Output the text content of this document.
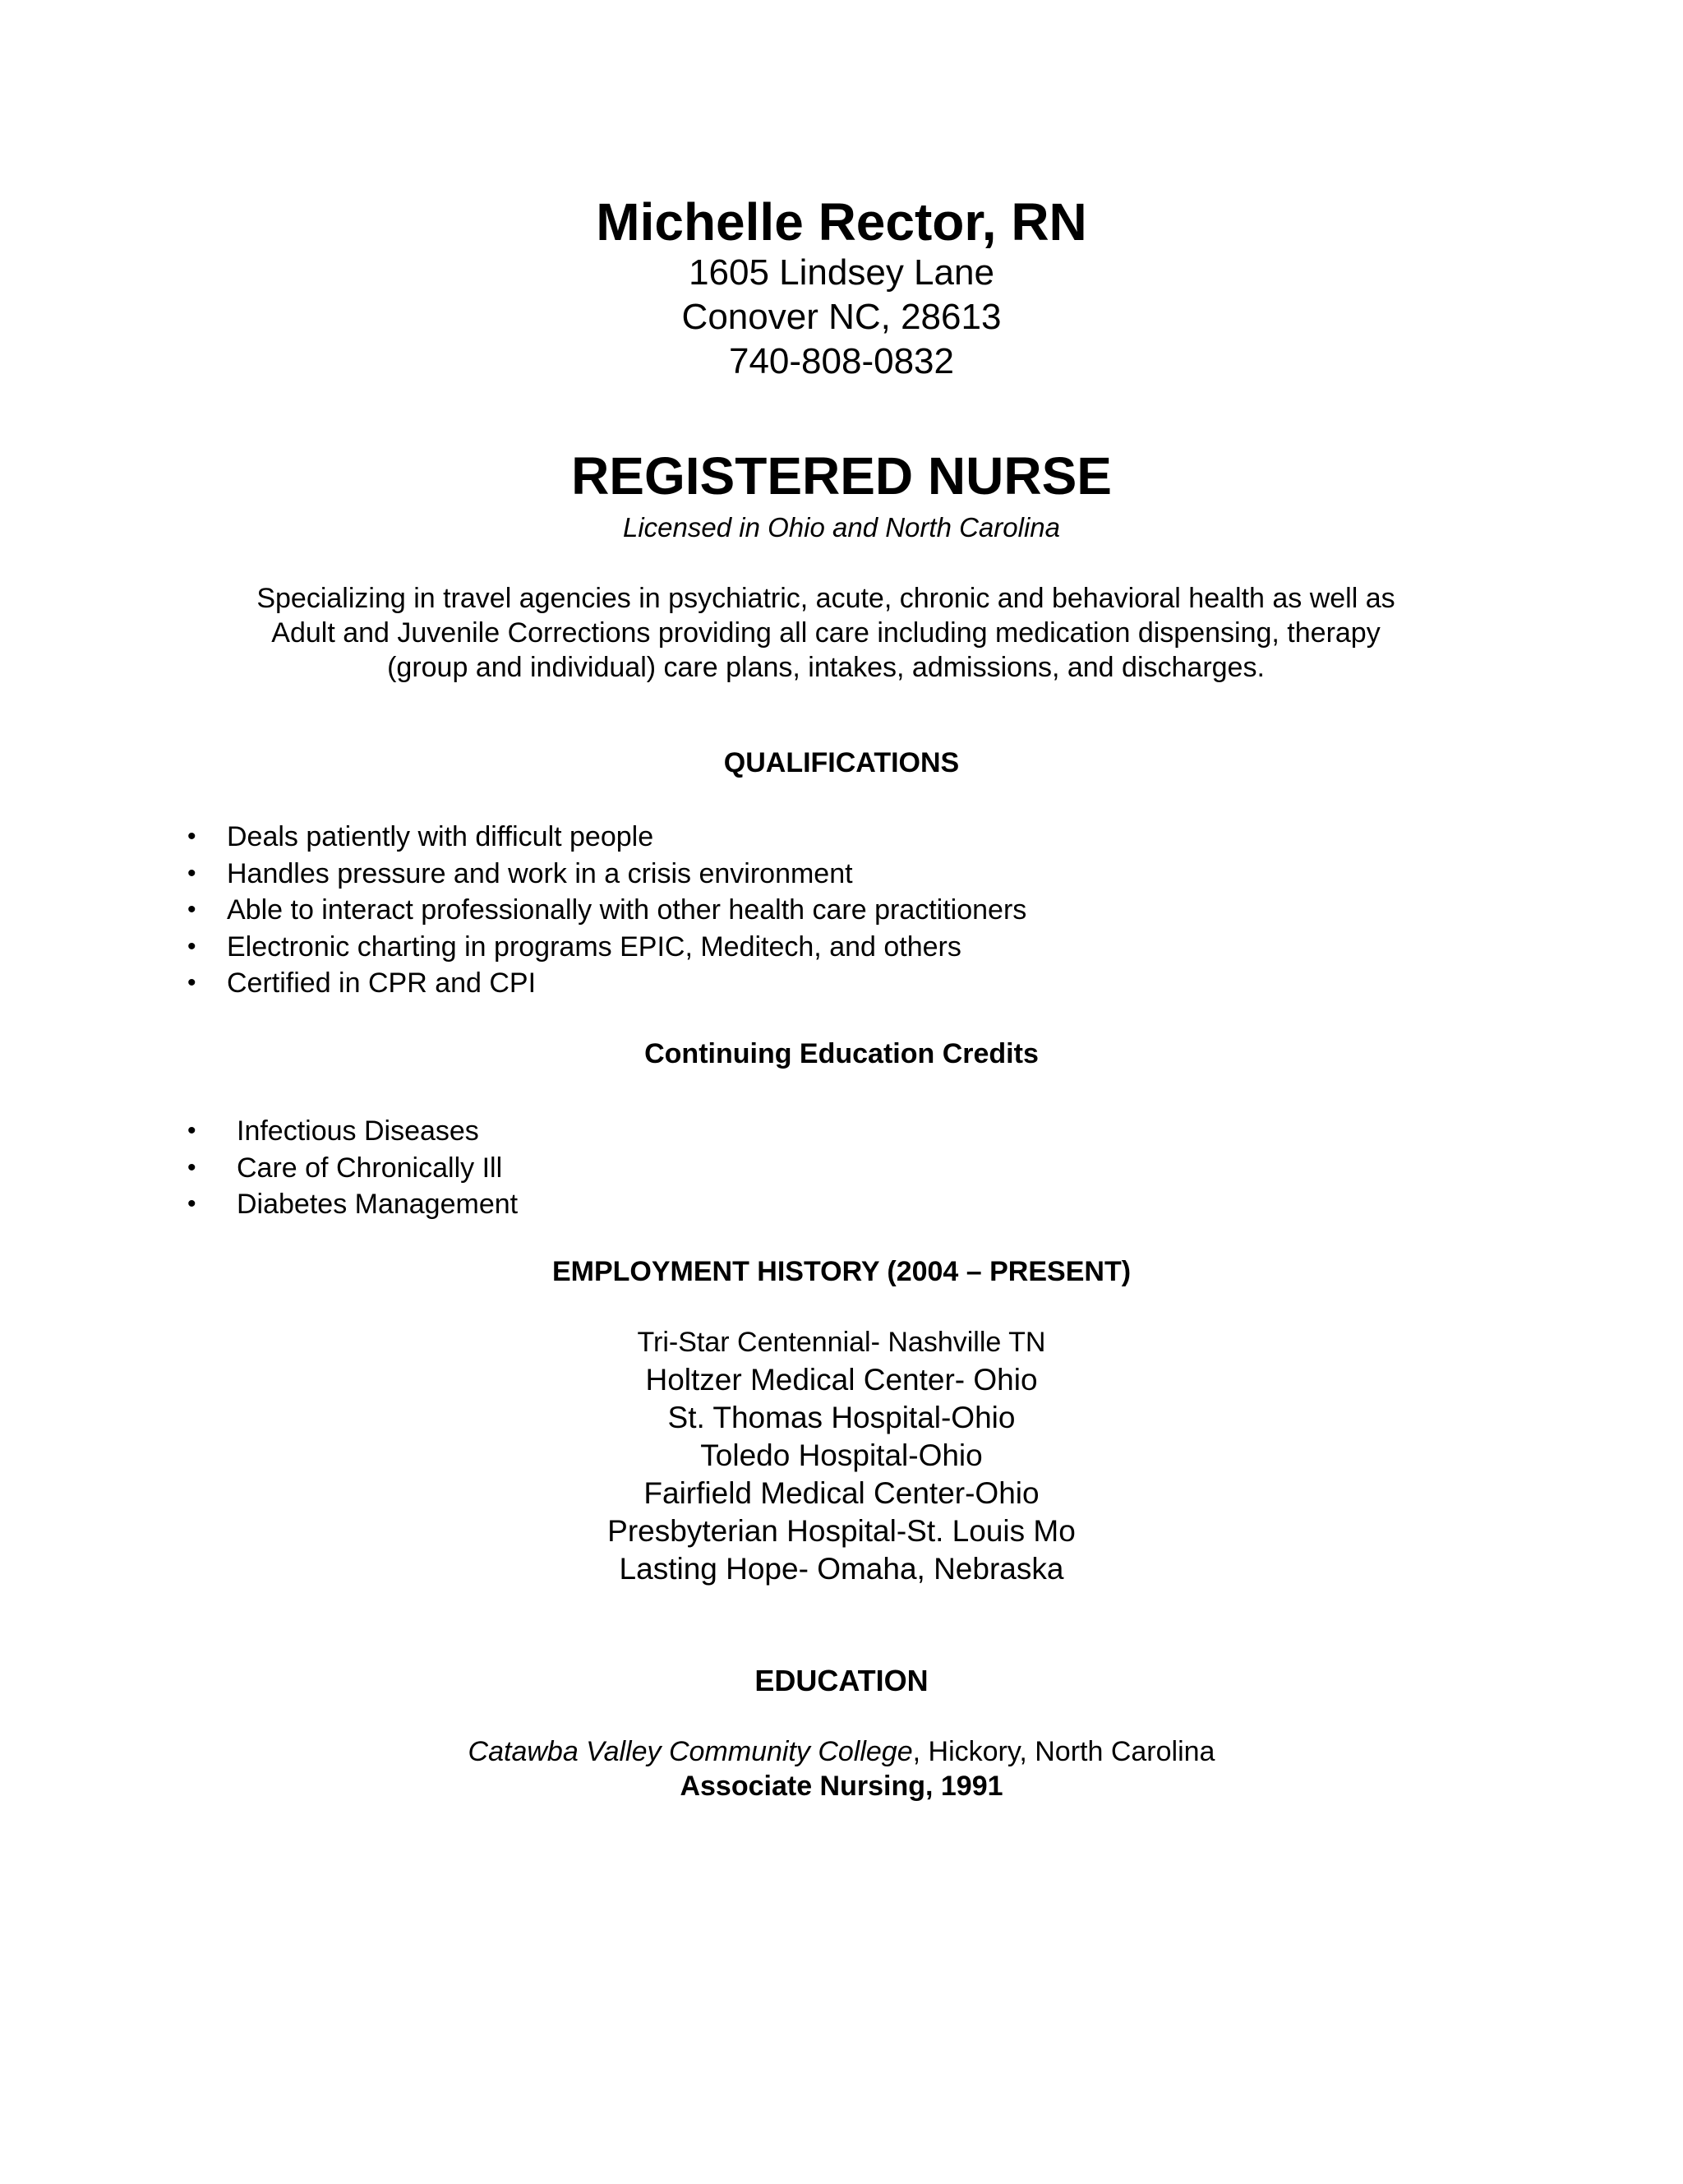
Michelle Rector, RN
1605 Lindsey Lane
Conover NC, 28613
740-808-0832
REGISTERED NURSE
Licensed in Ohio and North Carolina
Specializing in travel agencies in psychiatric, acute, chronic and behavioral health as well as
Adult and Juvenile Corrections providing all care including medication dispensing, therapy
(group and individual) care plans, intakes, admissions, and discharges.
QUALIFICATIONS
• Deals patiently with difficult people
• Handles pressure and work in a crisis environment
• Able to interact professionally with other health care practitioners
• Electronic charting in programs EPIC, Meditech, and others
• Certified in CPR and CPI
Continuing Education Credits
• Infectious Diseases
• Care of Chronically Ill
• Diabetes Management
EMPLOYMENT HISTORY (2004 – PRESENT)
Tri-Star Centennial- Nashville TN
Holtzer Medical Center- Ohio
St. Thomas Hospital-Ohio
Toledo Hospital-Ohio
Fairfield Medical Center-Ohio
Presbyterian Hospital-St. Louis Mo
Lasting Hope- Omaha, Nebraska
EDUCATION
Catawba Valley Community College, Hickory, North Carolina
Associate Nursing, 1991
